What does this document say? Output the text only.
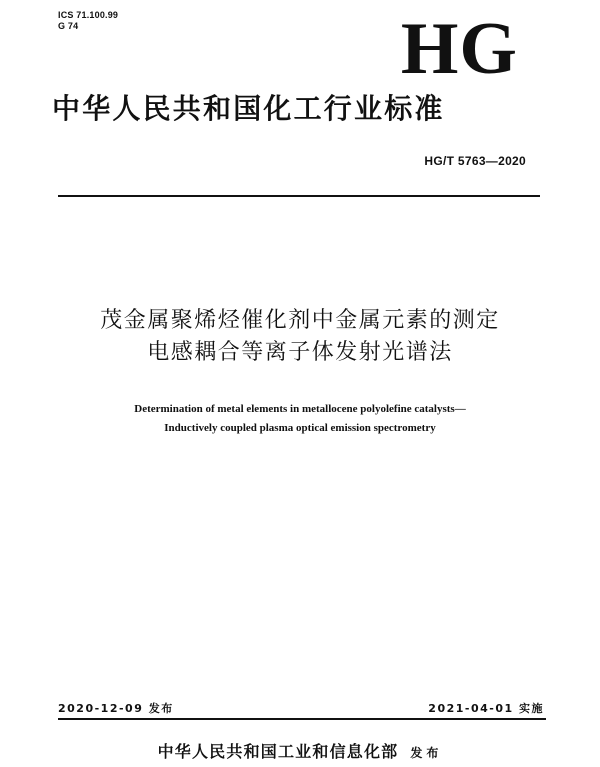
ICS 71.100.99
G 74	HG
中华人民共和国化工行业标准
HG/T 5763—2020
茂金属聚烯烃催化剂中金属元素的测定
电感耦合等离子体发射光谱法
Determination of metal elements in metallocene polyolefine catalysts—
Inductively coupled plasma optical emission spectrometry
2020-12-09 发布	2021-04-01 实施
中华人民共和国工业和信息化部 发布
